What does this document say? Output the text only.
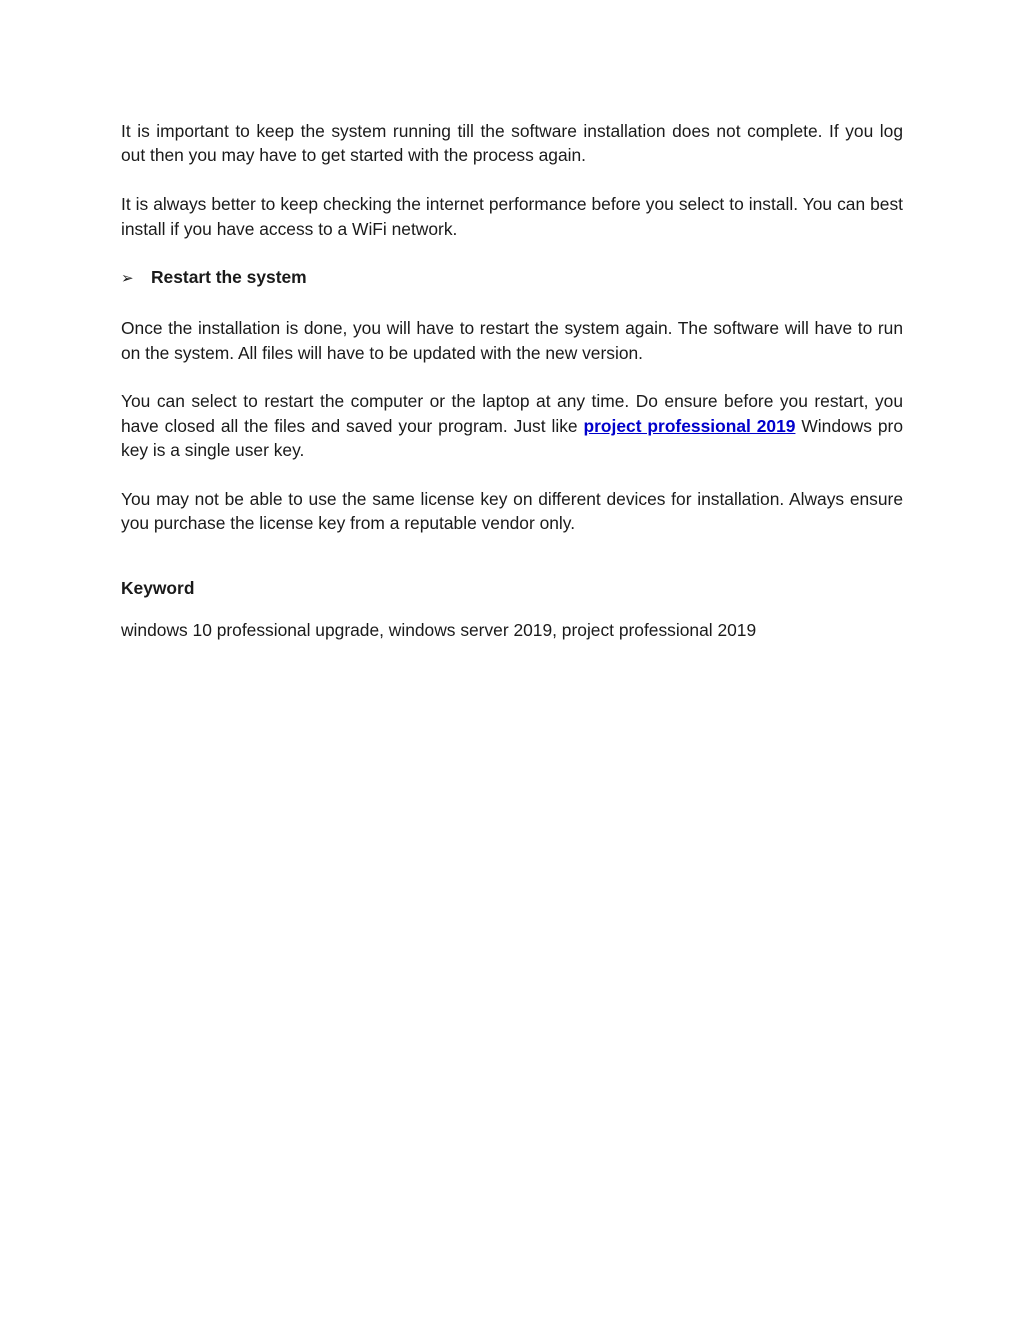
It is important to keep the system running till the software installation does not complete. If you log out then you may have to get started with the process again.

It is always better to keep checking the internet performance before you select to install. You can best install if you have access to a WiFi network.

➢	Restart the system

Once the installation is done, you will have to restart the system again. The software will have to run on the system. All files will have to be updated with the new version.

You can select to restart the computer or the laptop at any time. Do ensure before you restart, you have closed all the files and saved your program. Just like project professional 2019 Windows pro key is a single user key.

You may not be able to use the same license key on different devices for installation. Always ensure you purchase the license key from a reputable vendor only.

Keyword

windows 10 professional upgrade, windows server 2019, project professional 2019
